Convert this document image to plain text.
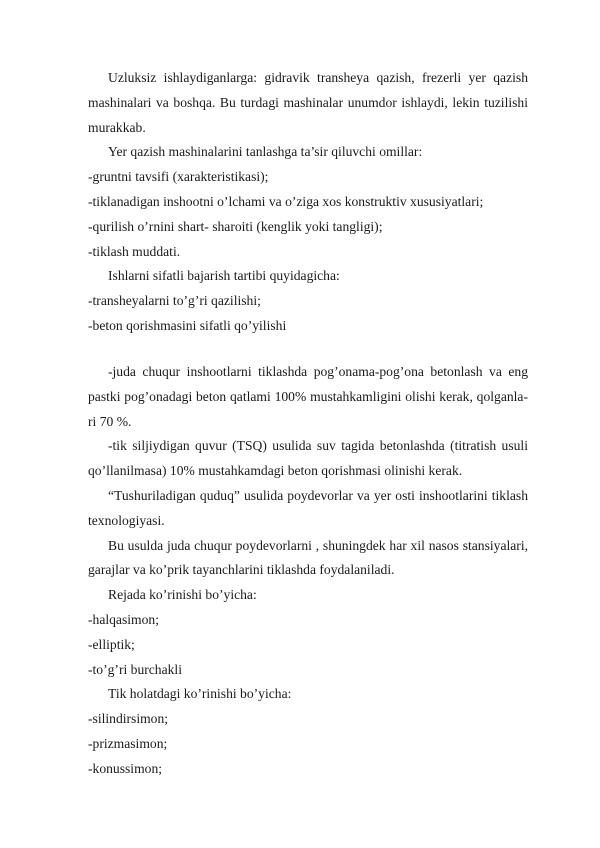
Uzluksiz ishlaydiganlarga: gidravik transheya qazish, frezerli yer qazish mashinalari va boshqa. Bu turdagi mashinalar unumdor ishlaydi, lekin tuzilishi murakkab.

Yer qazish mashinalarini tanlashga ta’sir qiluvchi omillar:

-gruntni tavsifi (xarakteristikasi);

-tiklanadigan inshootni o’lchami va o’ziga xos konstruktiv xususiyatlari;

-qurilish o’rnini shart- sharoiti (kenglik yoki tangligi);

-tiklash muddati.

Ishlarni sifatli bajarish tartibi quyidagicha:

-transheyalarni to’g’ri qazilishi;

-beton qorishmasini sifatli qo’yilishi

-juda chuqur inshootlarni tiklashda pog’onama-pog’ona betonlash va eng pastki pog’onadagi beton qatlami 100% mustahkamligini olishi kerak, qolganla-ri 70 %.

-tik siljiydigan quvur (TSQ) usulida suv tagida betonlashda (titratish usuli qo’llanilmasa) 10% mustahkamdagi beton qorishmasi olinishi kerak.

“Tushuriladigan quduq” usulida poydevorlar va yer osti inshootlarini tiklash texnologiyasi.

Bu usulda juda chuqur poydevorlarni , shuningdek har xil nasos stansiyalari, garajlar va ko’prik tayanchlarini tiklashda foydalaniladi.

Rejada ko’rinishi bo’yicha:

-halqasimon;

-elliptik;

-to’g’ri burchakli

Tik holatdagi ko’rinishi bo’yicha:

-silindirsimon;

-prizmasimon;

-konussimon;
